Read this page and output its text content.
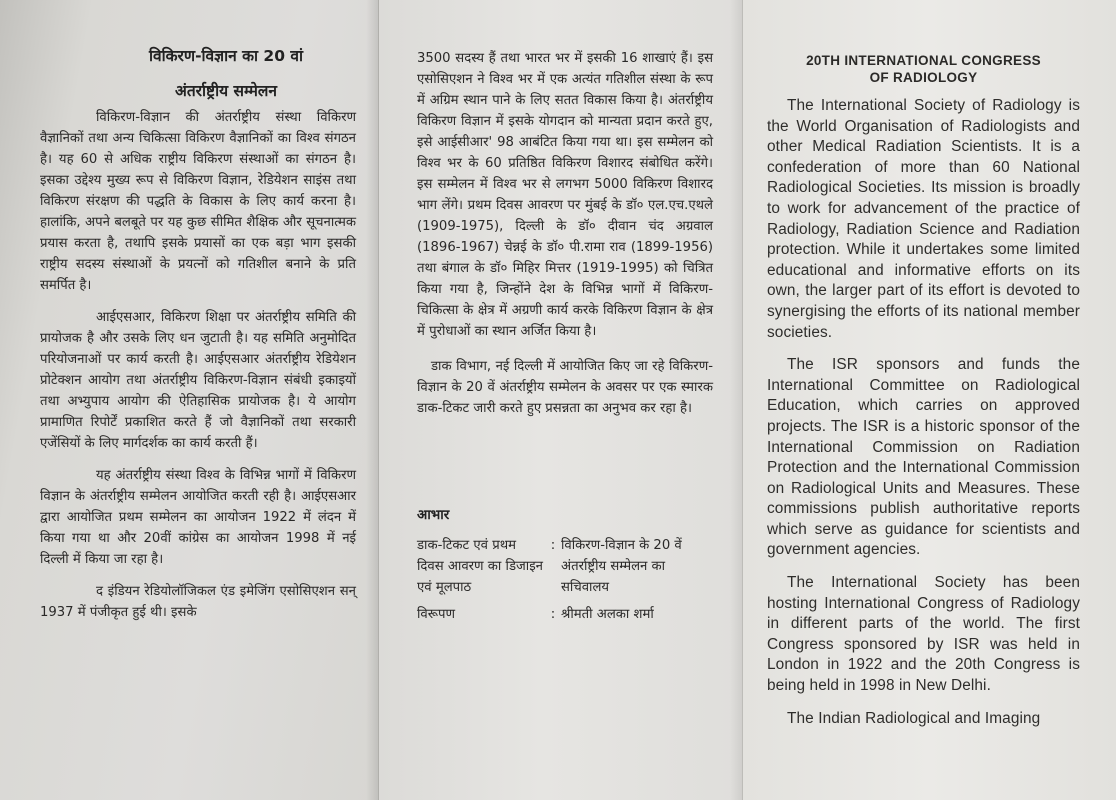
विकिरण-विज्ञान का 20 वां

अंतर्राष्ट्रीय सम्मेलन

विकिरण-विज्ञान की अंतर्राष्ट्रीय संस्था विकिरण वैज्ञानिकों तथा अन्य चिकित्सा विकिरण वैज्ञानिकों का विश्व संगठन है। यह 60 से अधिक राष्ट्रीय विकिरण संस्थाओं का संगठन है। इसका उद्देश्य मुख्य रूप से विकिरण विज्ञान, रेडियेशन साइंस तथा विकिरण संरक्षण की पद्धति के विकास के लिए कार्य करना है। हालांकि, अपने बलबूते पर यह कुछ सीमित शैक्षिक और सूचनात्मक प्रयास करता है, तथापि इसके प्रयासों का एक बड़ा भाग इसकी राष्ट्रीय सदस्य संस्थाओं के प्रयत्नों को गतिशील बनाने के प्रति समर्पित है।

आईएसआर, विकिरण शिक्षा पर अंतर्राष्ट्रीय समिति की प्रायोजक है और उसके लिए धन जुटाती है। यह समिति अनुमोदित परियोजनाओं पर कार्य करती है। आईएसआर अंतर्राष्ट्रीय रेडियेशन प्रोटेक्शन आयोग तथा अंतर्राष्ट्रीय विकिरण-विज्ञान संबंधी इकाइयों तथा अभ्युपाय आयोग की ऐतिहासिक प्रायोजक है। ये आयोग प्रामाणित रिपोर्टें प्रकाशित करते हैं जो वैज्ञानिकों तथा सरकारी एजेंसियों के लिए मार्गदर्शक का कार्य करती हैं।

यह अंतर्राष्ट्रीय संस्था विश्व के विभिन्न भागों में विकिरण विज्ञान के अंतर्राष्ट्रीय सम्मेलन आयोजित करती रही है। आईएसआर द्वारा आयोजित प्रथम सम्मेलन का आयोजन 1922 में लंदन में किया गया था और 20वीं कांग्रेस का आयोजन 1998 में नई दिल्ली में किया जा रहा है।

द इंडियन रेडियोलॉजिकल एंड इमेजिंग एसोसिएशन सन् 1937 में पंजीकृत हुई थी। इसके

3500 सदस्य हैं तथा भारत भर में इसकी 16 शाखाएं हैं। इस एसोसिएशन ने विश्व भर में एक अत्यंत गतिशील संस्था के रूप में अग्रिम स्थान पाने के लिए सतत विकास किया है। अंतर्राष्ट्रीय विकिरण विज्ञान में इसके योगदान को मान्यता प्रदान करते हुए, इसे आईसीआर' 98 आबंटित किया गया था। इस सम्मेलन को विश्व भर के 60 प्रतिष्ठित विकिरण विशारद संबोधित करेंगे। इस सम्मेलन में विश्व भर से लगभग 5000 विकिरण विशारद भाग लेंगे। प्रथम दिवस आवरण पर मुंबई के डॉ० एल.एच.एथले (1909-1975), दिल्ली के डॉ० दीवान चंद अग्रवाल (1896-1967) चेन्नई के डॉ० पी.रामा राव (1899-1956) तथा बंगाल के डॉ० मिहिर मित्तर (1919-1995) को चित्रित किया गया है, जिन्होंने देश के विभिन्न भागों में विकिरण- चिकित्सा के क्षेत्र में अग्रणी कार्य करके विकिरण विज्ञान के क्षेत्र में पुरोधाओं का स्थान अर्जित किया है।

डाक विभाग, नई दिल्ली में आयोजित किए जा रहे विकिरण-विज्ञान के 20 वें अंतर्राष्ट्रीय सम्मेलन के अवसर पर एक स्मारक डाक-टिकट जारी करते हुए प्रसन्नता का अनुभव कर रहा है।

आभार

डाक-टिकट एवं प्रथम दिवस आवरण का डिजाइन एवं मूलपाठ
: विकिरण-विज्ञान के 20 वें अंतर्राष्ट्रीय सम्मेलन का सचिवालय
विरूपण	: श्रीमती अलका शर्मा

20TH INTERNATIONAL CONGRESS
OF RADIOLOGY

The International Society of Radiology is the World Organisation of Radiologists and other Medical Radiation Scientists. It is a confederation of more than 60 National Radiological Societies. Its mission is broadly to work for advancement of the practice of Radiology, Radiation Science and Radiation protection. While it undertakes some limited educational and informative efforts on its own, the larger part of its effort is devoted to synergising the efforts of its national member societies.

The ISR sponsors and funds the International Committee on Radiological Education, which carries on approved projects. The ISR is a historic sponsor of the International Commission on Radiation Protection and the International Commission on Radiological Units and Measures. These commissions publish authoritative reports which serve as guidance for scientists and government agencies.

The International Society has been hosting International Congress of Radiology in different parts of the world. The first Congress sponsored by ISR was held in London in 1922 and the 20th Congress is being held in 1998 in New Delhi.

The Indian Radiological and Imaging
